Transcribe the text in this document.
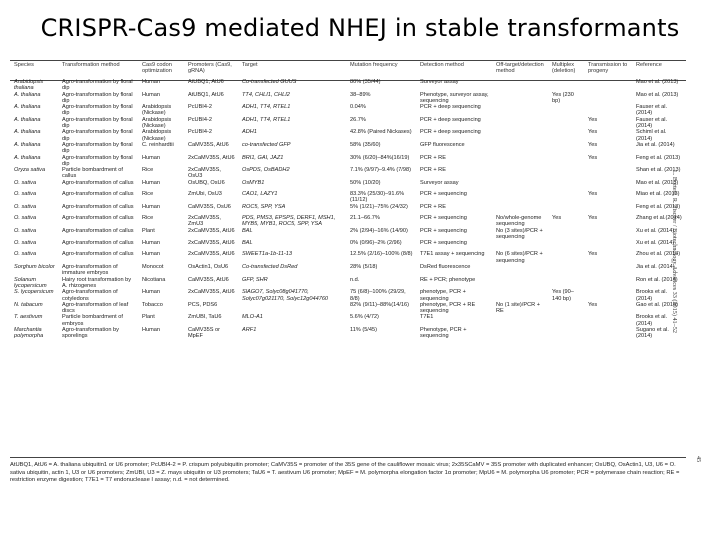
CRISPR-Cas9 mediated NHEJ in stable transformants
Species	Transformation method	Cas9 codon optimization	Promoters (Cas9, gRNA)	Target	Mutation frequency	Detection method	Off-target/detection method	Multiplex (deletion)	Transmission to progeny	Reference
Arabidopsis thaliana	Agro-transformation by floral dip	Human	AtUBQ1, AtU6	Co-transfected GUUS	80% (35/44)	Surveyor assay				Mao et al. (2013)
A. thaliana	Agro-transformation by floral dip	Human	AtUBQ1, AtU6	TT4, CHLI1, CHLI2	38–89%	Phenotype, surveyor assay, sequencing		Yes (230 bp)		Mao et al. (2013)
A. thaliana	Agro-transformation by floral dip	Arabidopsis (Nickase)	PcUBI4-2	ADH1, TT4, RTEL1	0.04%	PCR + deep sequencing				Fauser et al. (2014)
A. thaliana	Agro-transformation by floral dip	Arabidopsis (Nickase)	PcUBI4-2	ADH1, TT4, RTEL1	26.7%	PCR + deep sequencing			Yes	Fauser et al. (2014)
A. thaliana	Agro-transformation by floral dip	Arabidopsis (Nickase)	PcUBI4-2	ADH1	42.8% (Paired Nickases)	PCR + deep sequencing			Yes	Schiml et al. (2014)
A. thaliana	Agro-transformation by floral dip	C. reinhardtii	CaMV35S, AtU6	co-transfected GFP	58% (35/60)	GFP fluorescence			Yes	Jia et al. (2014)
A. thaliana	Agro-transformation by floral dip	Human	2xCaMV35S, AtU6	BRI1, GAI, JAZ1	30% (6/20)–84%(16/19)	PCR + RE			Yes	Feng et al. (2013)
Oryza sativa	Particle bombardment of callus	Rice	2xCaMV35S, OsU3	OsPDS, OsBADH2	7.1% (9/97)–9.4% (7/98)	PCR + RE				Shan et al. (2013)
O. sativa	Agro-transformation of callus	Human	OsUBQ, OsU6	OsMYB1	50% (10/20)	Surveyor assay				Mao et al. (2013)
O. sativa	Agro-transformation of callus	Rice	ZmUbi, OsU3	CAO1, LAZY1	83.3% (25/30)–91.6%(11/12)	PCR + sequencing			Yes	Miao et al. (2013)
O. sativa	Agro-transformation of callus	Human	CaMV35S, OsU6	ROC5, SPP, YSA	5% (1/21)–75% (24/32)	PCR + RE				Feng et al. (2013)
O. sativa	Agro-transformation of callus	Rice	2xCaMV35S, ZmU3	PDS, PMS3, EPSPS, DERF1, MSH1, MYB5, MYB1, ROC5, SPP, YSA	21.1–66.7%	PCR + sequencing	No/whole-genome sequencing	Yes	Yes	Zhang et al.(2014)
O. sativa	Agro-transformation of callus	Plant	2xCaMV35S, AtU6	BAL	2% (2/94)–16% (14/90)	PCR + sequencing	No (3 sites)/PCR + sequencing			Xu et al. (2014)
O. sativa	Agro-transformation of callus	Human	2xCaMV35S, AtU6	BAL	0% (0/96)–2% (2/96)	PCR + sequencing				Xu et al. (2014)
O. sativa	Agro-transformation of callus	Human	2xCaMV35S, AtU6	SWEET1a-1b-11-13	12.5% (2/16)–100% (8/8)	T7E1 assay + sequencing	No (6 sites)/PCR + sequencing		Yes	Zhou et al. (2014)
Sorghum bicolor	Agro-transformation of immature embryos	Monocot	OsActin1, OsU6	Co-transfected DsRed	28% (5/18)	DsRed fluorescence				Jia et al. (2014)
Solanum lycopersicum	Hairy root transformation by A. rhizogenes	Nicotiana	CaMV35S, AtU6	GFP, SHR	n.d.	RE + PCR; phenotype				Ron et al. (2014)
S. lycopersicum	Agro-transformation of cotyledons	Human	2xCaMV35S, AtU6	SlAGO7, Solyc08g041770, Solyc07g021170, Solyc12g044760	75 (6/8)–100% (29/29, 8/8)	phenotype, PCR + sequencing		Yes (90–140 bp)		Brooks et al. (2014)
N. tabacum	Agro-transformation of leaf discs	Tobacco	PCS, PDS6		82% (9/11)–88%(14/16)	phenotype, PCR + RE sequencing	No (1 site)/PCR + RE		Yes	Gao et al. (2014)
T. aestivum	Particle bombardment of embryos	Plant	ZmUBI, TaU6	MLO-A1	5.6% (4/72)	T7E1				Brooks et al. (2014)
Marchantia polymorpha	Agro-transformation by sporelings	Human	CaMV35S or MpEF	ARF1	11% (5/45)	Phenotype, PCR + sequencing				Sugano et al. (2014)
AtUBQ1, AtU6 = A. thaliana ubiquitin1 or U6 promoter; PcUBI4-2 = P. crispum polyubiquitin promoter; CaMV35S = promoter of the 35S gene of the cauliflower mosaic virus; 2x35SCaMV = 35S promoter with duplicated enhancer; OsUBQ, OsActin1, U3, U6 = O. sativa ubiquitin, actin 1, U3 or U6 promoters; ZmUBI, U3 = Z. mays ubiquitin or U3 promoters; TaU6 = T. aestivum U6 promoter; MpEF = M. polymorpha elongation factor 1α promoter; MpU6 = M. polymorpha U6 promoter; PCR = polymerase chain reaction; RE = restriction enzyme digestion; T7E1 = T7 endonuclease I assay; n.d. = not determined.
L. Bortesi, R. Fischer / Biotechnology Advances 33 (2015) 41–52
45
